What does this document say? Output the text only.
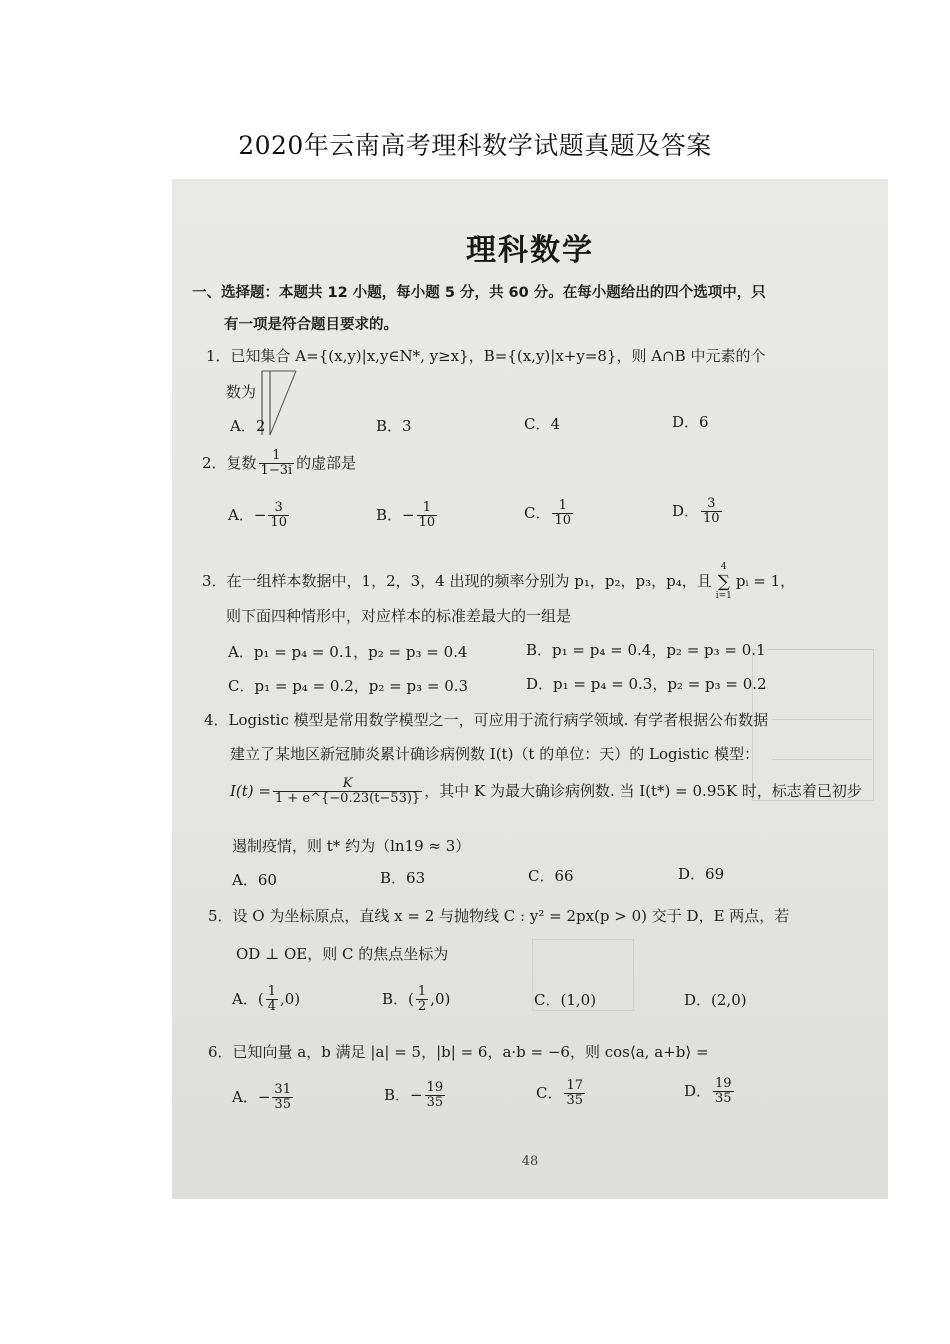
2020年云南高考理科数学试题真题及答案
理科数学
一、选择题：本题共 12 小题，每小题 5 分，共 60 分。在每小题给出的四个选项中，只
有一项是符合题目要求的。
1．已知集合 A={(x,y)|x,y∈N*, y≥x}，B={(x,y)|x+y=8}，则 A∩B 中元素的个
数为
A．2	B．3	C．4	D．6
2．复数 $\frac{1}{1-3i}$ 的虚部是
A．− $\frac{3}{10}$	B．− $\frac{1}{10}$	C． $\frac{1}{10}$	D． $\frac{3}{10}$
3．在一组样本数据中，1，2，3，4 出现的频率分别为 p₁，p₂，p₃，p₄，且
4
∑
i=1
pᵢ = 1，
则下面四种情形中，对应样本的标准差最大的一组是
A．p₁ = p₄ = 0.1，p₂ = p₃ = 0.4	B．p₁ = p₄ = 0.4，p₂ = p₃ = 0.1
C．p₁ = p₄ = 0.2，p₂ = p₃ = 0.3	D．p₁ = p₄ = 0.3，p₂ = p₃ = 0.2
4．Logistic 模型是常用数学模型之一，可应用于流行病学领域. 有学者根据公布数据
建立了某地区新冠肺炎累计确诊病例数 I(t)（t 的单位：天）的 Logistic 模型：
$I(t) = \frac{K}{1 + e\^{}\{-0.23(t-53)\}}$ ，其中 K 为最大确诊病例数. 当 I(t*) = 0.95K 时，标志着已初步
遏制疫情，则 t* 约为（ln19 ≈ 3）
A．60	B．63	C．66	D．69
5．设 O 为坐标原点，直线 x = 2 与抛物线 C : y² = 2px(p > 0) 交于 D，E 两点，若
OD ⊥ OE，则 C 的焦点坐标为
A．( $\frac{1}{4} ,0$)	B．( $\frac{1}{2} ,0$)	C．(1,0)	D．(2,0)
6．已知向量 a，b 满足 |a| = 5，|b| = 6，a·b = −6，则 cos⟨a, a+b⟩ =
A．− $\frac{31}{35}$	B．− $\frac{19}{35}$	C． $\frac{17}{35}$	D． $\frac{19}{35}$
48
